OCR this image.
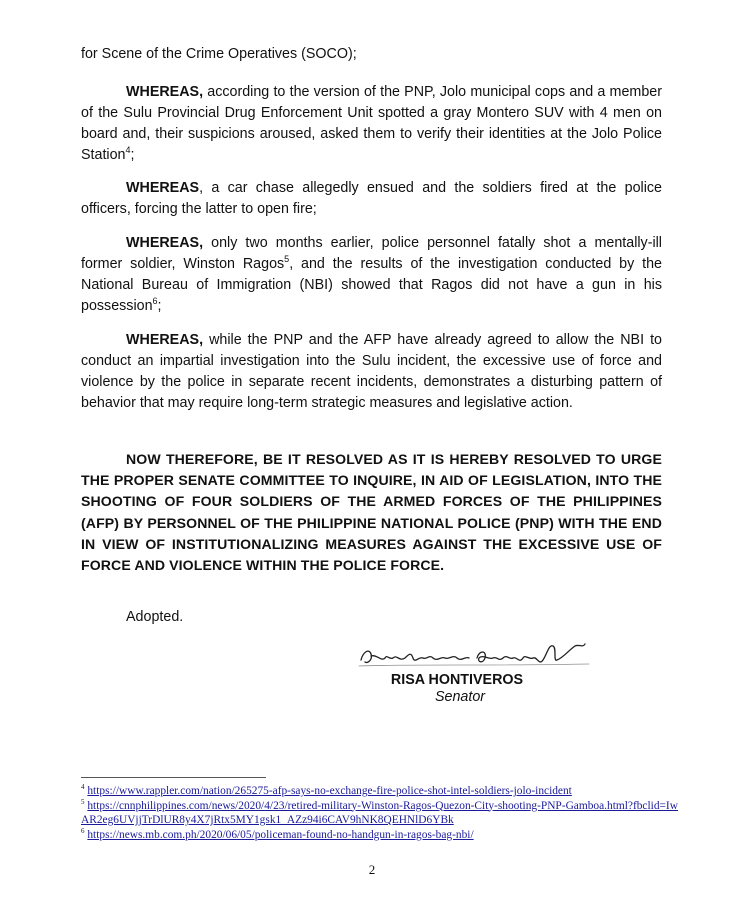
for Scene of the Crime Operatives (SOCO);

WHEREAS, according to the version of the PNP, Jolo municipal cops and a member of the Sulu Provincial Drug Enforcement Unit spotted a gray Montero SUV with 4 men on board and, their suspicions aroused, asked them to verify their identities at the Jolo Police Station$^4$;

WHEREAS, a car chase allegedly ensued and the soldiers fired at the police officers, forcing the latter to open fire;

WHEREAS, only two months earlier, police personnel fatally shot a mentally-ill former soldier, Winston Ragos$^5$, and the results of the investigation conducted by the National Bureau of Immigration (NBI) showed that Ragos did not have a gun in his possession$^6$;

WHEREAS, while the PNP and the AFP have already agreed to allow the NBI to conduct an impartial investigation into the Sulu incident, the excessive use of force and violence by the police in separate recent incidents, demonstrates a disturbing pattern of behavior that may require long-term strategic measures and legislative action.

NOW THEREFORE, BE IT RESOLVED AS IT IS HEREBY RESOLVED TO URGE THE PROPER SENATE COMMITTEE TO INQUIRE, IN AID OF LEGISLATION, INTO THE SHOOTING OF FOUR SOLDIERS OF THE ARMED FORCES OF THE PHILIPPINES (AFP) BY PERSONNEL OF THE PHILIPPINE NATIONAL POLICE (PNP) WITH THE END IN VIEW OF INSTITUTIONALIZING MEASURES AGAINST THE EXCESSIVE USE OF FORCE AND VIOLENCE WITHIN THE POLICE FORCE.

Adopted.

RISA HONTIVEROS

Senator

$^4$ https://www.rappler.com/nation/265275-afp-says-no-exchange-fire-police-shot-intel-soldiers-jolo-incident

$^5$ https://cnnphilippines.com/news/2020/4/23/retired-military-Winston-Ragos-Quezon-City-shooting-PNP-Gamboa.html?fbclid=IwAR2eg6UVjjTrDlUR8y4X7jRtx5MY1gsk1_AZz94i6CAV9hNK8QEHNlD6YBk

$^6$ https://news.mb.com.ph/2020/06/05/policeman-found-no-handgun-in-ragos-bag-nbi/

2
